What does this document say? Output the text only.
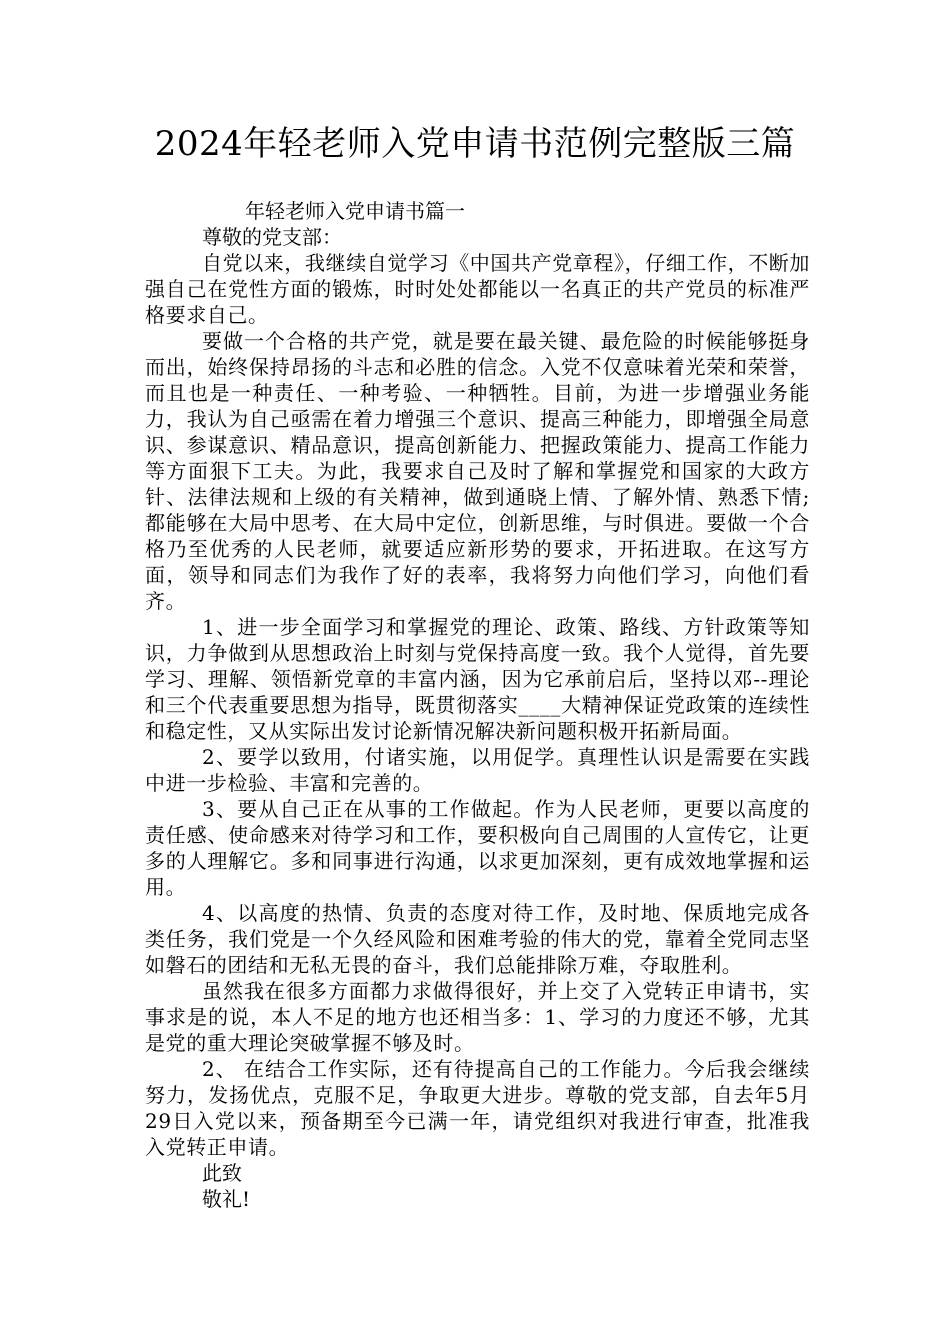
2024年轻老师入党申请书范例完整版三篇
年轻老师入党申请书篇一

尊敬的党支部：

自党以来，我继续自觉学习《中国共产党章程》，仔细工作，不断加强自己在党性方面的锻炼，时时处处都能以一名真正的共产党员的标准严格要求自己。

要做一个合格的共产党，就是要在最关键、最危险的时候能够挺身而出，始终保持昂扬的斗志和必胜的信念。入党不仅意味着光荣和荣誉，而且也是一种责任、一种考验、一种牺牲。目前，为进一步增强业务能力，我认为自己亟需在着力增强三个意识、提高三种能力，即增强全局意识、参谋意识、精品意识，提高创新能力、把握政策能力、提高工作能力等方面狠下工夫。为此，我要求自己及时了解和掌握党和国家的大政方针、法律法规和上级的有关精神，做到通晓上情、了解外情、熟悉下情;都能够在大局中思考、在大局中定位，创新思维，与时俱进。要做一个合格乃至优秀的人民老师，就要适应新形势的要求，开拓进取。在这写方面，领导和同志们为我作了好的表率，我将努力向他们学习，向他们看齐。

1、进一步全面学习和掌握党的理论、政策、路线、方针政策等知识，力争做到从思想政治上时刻与党保持高度一致。我个人觉得，首先要学习、理解、领悟新党章的丰富内涵，因为它承前启后，坚持以邓--理论和三个代表重要思想为指导，既贯彻落实____大精神保证党政策的连续性和稳定性，又从实际出发讨论新情况解决新问题积极开拓新局面。

2、要学以致用，付诸实施，以用促学。真理性认识是需要在实践中进一步检验、丰富和完善的。

3、要从自己正在从事的工作做起。作为人民老师，更要以高度的责任感、使命感来对待学习和工作，要积极向自己周围的人宣传它，让更多的人理解它。多和同事进行沟通，以求更加深刻，更有成效地掌握和运用。

4、以高度的热情、负责的态度对待工作，及时地、保质地完成各类任务，我们党是一个久经风险和困难考验的伟大的党，靠着全党同志坚如磐石的团结和无私无畏的奋斗，我们总能排除万难，夺取胜利。

虽然我在很多方面都力求做得很好，并上交了入党转正申请书，实事求是的说，本人不足的地方也还相当多：1、学习的力度还不够，尤其是党的重大理论突破掌握不够及时。

2、 在结合工作实际，还有待提高自己的工作能力。今后我会继续努力，发扬优点，克服不足，争取更大进步。尊敬的党支部，自去年5月29日入党以来，预备期至今已满一年，请党组织对我进行审查，批准我入党转正申请。

此致

敬礼!
